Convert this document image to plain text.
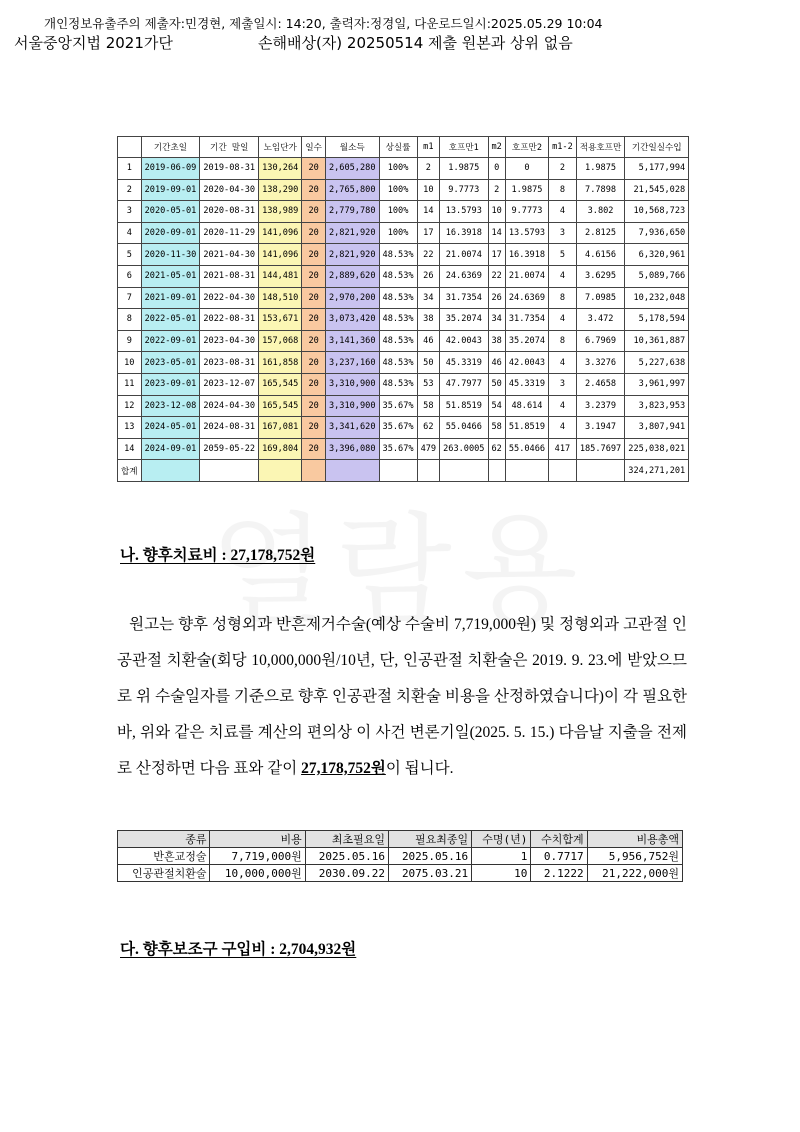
개인정보유출주의 제출자:민경현, 제출일시: 14:20, 출력자:정경일, 다운로드일시:2025.05.29 10:04
서울중앙지법 2021가단	손해배상(자) 20250514 제출 원본과 상위 없음
	기간초일	기간 말일	노임단가	일수	월소득	상실률	m1	호프만1	m2	호프만2	m1-2	적용호프만	기간일실수입
1	2019-06-09	2019-08-31	130,264	20	2,605,280	100%	2	1.9875	0	0	2	1.9875	5,177,994
2	2019-09-01	2020-04-30	138,290	20	2,765,800	100%	10	9.7773	2	1.9875	8	7.7898	21,545,028
3	2020-05-01	2020-08-31	138,989	20	2,779,780	100%	14	13.5793	10	9.7773	4	3.802	10,568,723
4	2020-09-01	2020-11-29	141,096	20	2,821,920	100%	17	16.3918	14	13.5793	3	2.8125	7,936,650
5	2020-11-30	2021-04-30	141,096	20	2,821,920	48.53%	22	21.0074	17	16.3918	5	4.6156	6,320,961
6	2021-05-01	2021-08-31	144,481	20	2,889,620	48.53%	26	24.6369	22	21.0074	4	3.6295	5,089,766
7	2021-09-01	2022-04-30	148,510	20	2,970,200	48.53%	34	31.7354	26	24.6369	8	7.0985	10,232,048
8	2022-05-01	2022-08-31	153,671	20	3,073,420	48.53%	38	35.2074	34	31.7354	4	3.472	5,178,594
9	2022-09-01	2023-04-30	157,068	20	3,141,360	48.53%	46	42.0043	38	35.2074	8	6.7969	10,361,887
10	2023-05-01	2023-08-31	161,858	20	3,237,160	48.53%	50	45.3319	46	42.0043	4	3.3276	5,227,638
11	2023-09-01	2023-12-07	165,545	20	3,310,900	48.53%	53	47.7977	50	45.3319	3	2.4658	3,961,997
12	2023-12-08	2024-04-30	165,545	20	3,310,900	35.67%	58	51.8519	54	48.614	4	3.2379	3,823,953
13	2024-05-01	2024-08-31	167,081	20	3,341,620	35.67%	62	55.0466	58	51.8519	4	3.1947	3,807,941
14	2024-09-01	2059-05-22	169,804	20	3,396,080	35.67%	479	263.0005	62	55.0466	417	185.7697	225,038,021
합계													324,271,201
나. 향후치료비 : 27,178,752원

원고는 향후 성형외과 반흔제거수술(예상 수술비 7,719,000원) 및 정형외과 고관절 인공관절 치환술(회당 10,000,000원/10년, 단, 인공관절 치환술은 2019. 9. 23.에 받았으므로 위 수술일자를 기준으로 향후 인공관절 치환술 비용을 산정하였습니다)이 각 필요한바, 위와 같은 치료를 계산의 편의상 이 사건 변론기일(2025. 5. 15.) 다음날 지출을 전제로 산정하면 다음 표와 같이 27,178,752원이 됩니다.

종류	비용	최초필요일	필요최종일	수명(년)	수치합계	비용총액
반흔교정술	7,719,000원	2025.05.16	2025.05.16	1	0.7717	5,956,752원
인공관절치환술	10,000,000원	2030.09.22	2075.03.21	10	2.1222	21,222,000원
다. 향후보조구 구입비 : 2,704,932원
